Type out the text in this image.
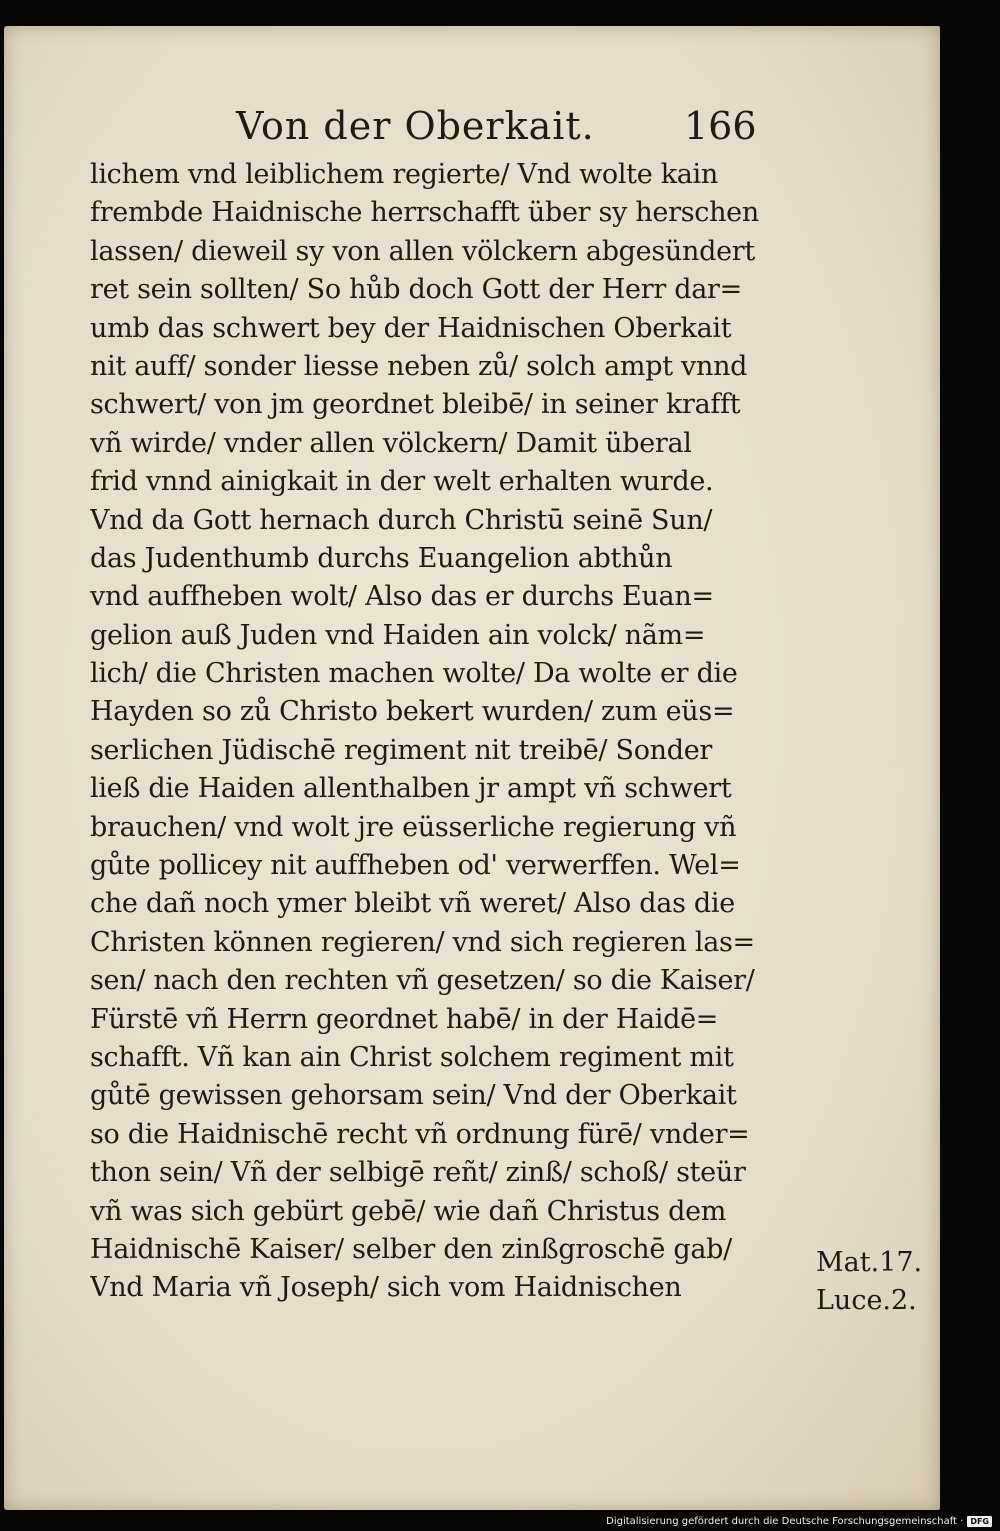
Von der Oberkait. 166
lichem vnd leiblichem regierte/ Vnd wolte kain
frembde Haidnische herrschafft über sy herschen
lassen/ dieweil sy von allen völckern abgesündert
ret sein sollten/ So hůb doch Gott der Herr dar=
umb das schwert bey der Haidnischen Oberkait
nit auff/ sonder liesse neben zů/ solch ampt vnnd
schwert/ von jm geordnet bleibē/ in seiner krafft
vñ wirde/ vnder allen völckern/ Damit überal
frid vnnd ainigkait in der welt erhalten wurde.
Vnd da Gott hernach durch Christū seinē Sun/
das Judenthumb durchs Euangelion abthůn
vnd auffheben wolt/ Also das er durchs Euan=
gelion auß Juden vnd Haiden ain volck/ nãm=
lich/ die Christen machen wolte/ Da wolte er die
Hayden so zů Christo bekert wurden/ zum eüs=
serlichen Jüdischē regiment nit treibē/ Sonder
ließ die Haiden allenthalben jr ampt vñ schwert
brauchen/ vnd wolt jre eüsserliche regierung vñ
gůte pollicey nit auffheben od' verwerffen. Wel=
che dañ noch ymer bleibt vñ weret/ Also das die
Christen können regieren/ vnd sich regieren las=
sen/ nach den rechten vñ gesetzen/ so die Kaiser/
Fürstē vñ Herrn geordnet habē/ in der Haidē=
schafft. Vñ kan ain Christ solchem regiment mit
gůtē gewissen gehorsam sein/ Vnd der Oberkait
so die Haidnischē recht vñ ordnung fürē/ vnder=
thon sein/ Vñ der selbigē reñt/ zinß/ schoß/ steür
vñ was sich gebürt gebē/ wie dañ Christus dem
Haidnischē Kaiser/ selber den zinßgroschē gab/
Vnd Maria vñ Joseph/ sich vom Haidnischen
Mat.17.
Luce.2.
Digitalisierung gefördert durch die Deutsche Forschungsgemeinschaft · DFG
